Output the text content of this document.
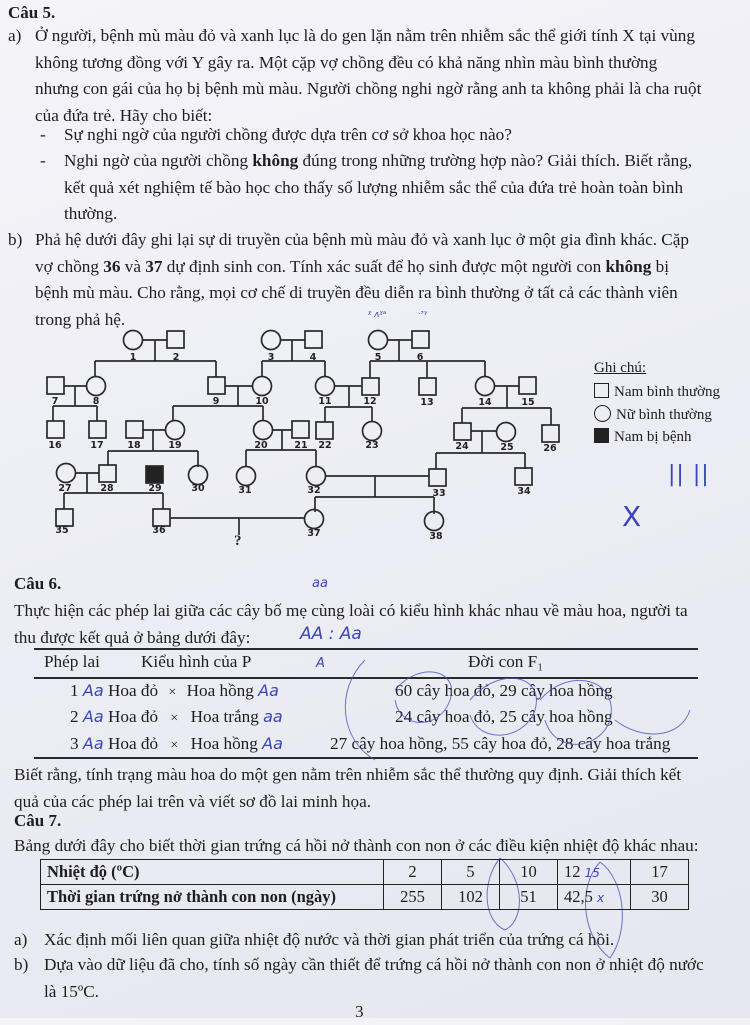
Câu 5.
a) Ở người, bệnh mù màu đỏ và xanh lục là do gen lặn nằm trên nhiễm sắc thể giới tính X tại vùng
không tương đồng với Y gây ra. Một cặp vợ chồng đều có khả năng nhìn màu bình thường
nhưng con gái của họ bị bệnh mù màu. Người chồng nghi ngờ rằng anh ta không phải là cha ruột
của đứa trẻ. Hãy cho biết:
- Sự nghi ngờ của người chồng được dựa trên cơ sở khoa học nào?
- Nghi ngờ của người chồng không đúng trong những trường hợp nào? Giải thích. Biết rằng,
kết quả xét nghiệm tế bào học cho thấy số lượng nhiễm sắc thể của đứa trẻ hoàn toàn bình
thường.
b) Phả hệ dưới đây ghi lại sự di truyền của bệnh mù màu đỏ và xanh lục ở một gia đình khác. Cặp
vợ chồng 36 và 37 dự định sinh con. Tính xác suất để họ sinh được một người con không bị
bệnh mù màu. Cho rằng, mọi cơ chế di truyền đều diễn ra bình thường ở tất cả các thành viên
trong phả hệ.	ᵡ ᴧᵡᵃ	ᐧᐣᵞ
1	2	3	4	5	6
7	8	9	10	11	12	13	14	15
16	17	18	19	20	21 22	23	24	25	26
27	28	29	30	31	32	33	34
35	36	37	38
?
Ghi chú:
Nam bình thường
Nữ bình thường
Nam bị bệnh
|| ||
X
Câu 6.	aa
Thực hiện các phép lai giữa các cây bố mẹ cùng loài có kiểu hình khác nhau về màu hoa, người ta
thu được kết quả ở bảng dưới đây:	AA : Aa
Phép lai Kiểu hình của P	A	Đời con F₁
1 Aa Hoa đỏ × Hoa hồng Aa	60 cây hoa đỏ, 29 cây hoa hồng
2 Aa Hoa đỏ × Hoa trắng aa	24 cây hoa đỏ, 25 cây hoa hồng
3 Aa Hoa đỏ × Hoa hồng Aa	27 cây hoa hồng, 55 cây hoa đỏ, 28 cây hoa trắng
Biết rằng, tính trạng màu hoa do một gen nằm trên nhiễm sắc thể thường quy định. Giải thích kết
quả của các phép lai trên và viết sơ đồ lai minh họa.
Câu 7.
Bảng dưới đây cho biết thời gian trứng cá hồi nở thành con non ở các điều kiện nhiệt độ khác nhau:
Nhiệt độ (ºC)	2	5	10	12 15	17
Thời gian trứng nở thành con non (ngày)	255	102	51	42,5 x	30
a) Xác định mối liên quan giữa nhiệt độ nước và thời gian phát triển của trứng cá hồi.
b) Dựa vào dữ liệu đã cho, tính số ngày cần thiết để trứng cá hồi nở thành con non ở nhiệt độ nước
là 15ºC.
3
